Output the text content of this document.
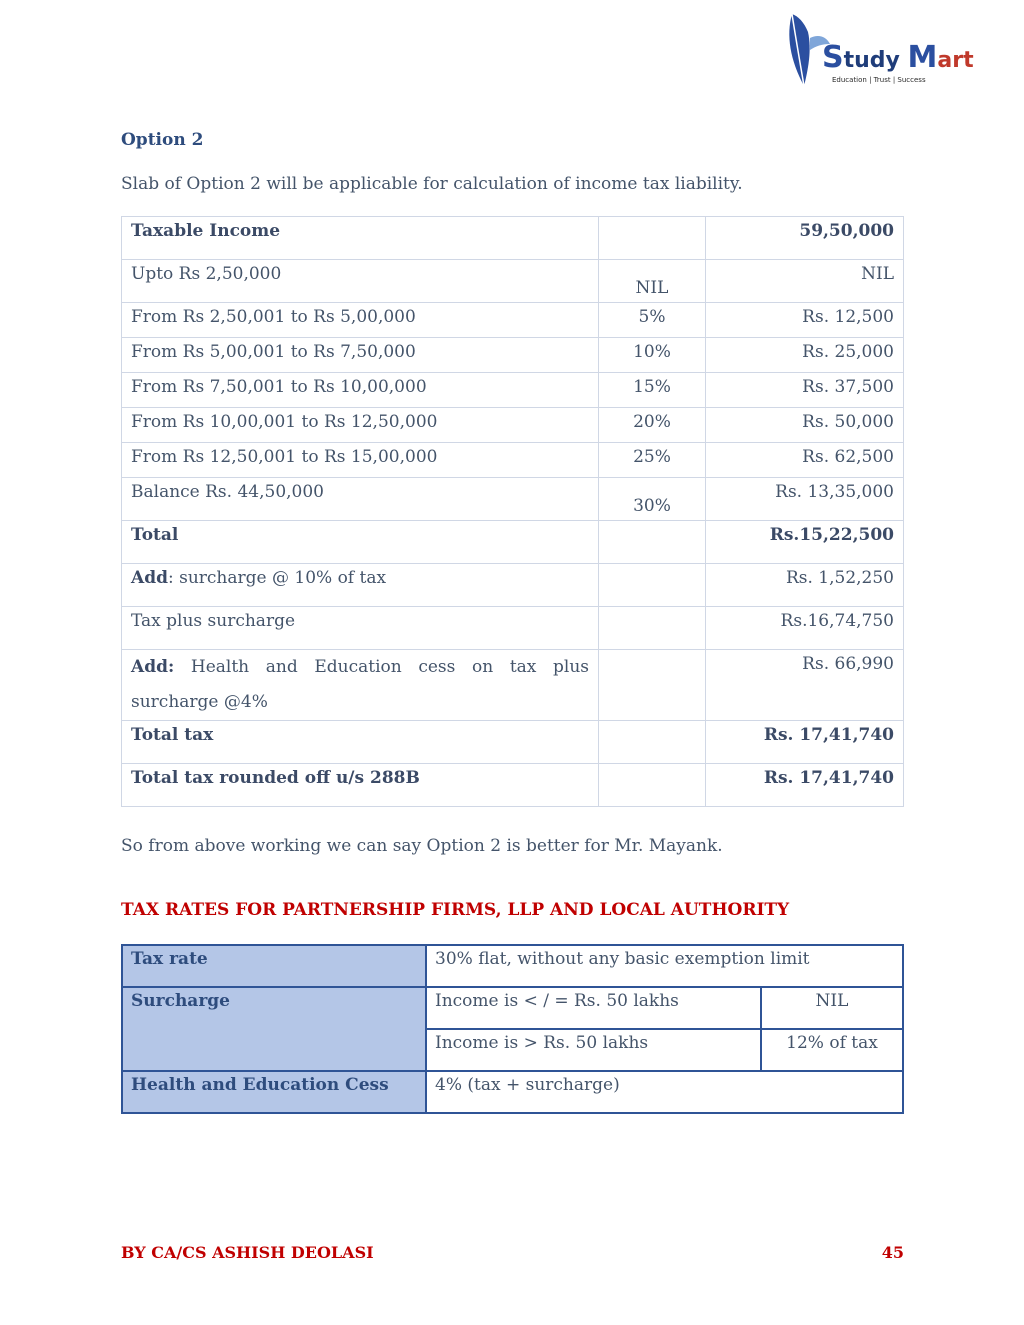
Study Mart
Education | Trust | Success
Option 2
Slab of Option 2 will be applicable for calculation of income tax liability.
Taxable Income		59,50,000
Upto Rs 2,50,000	NIL	NIL
From Rs 2,50,001 to Rs 5,00,000	5%	Rs. 12,500
From Rs 5,00,001 to Rs 7,50,000	10%	Rs. 25,000
From Rs 7,50,001 to Rs 10,00,000	15%	Rs. 37,500
From Rs 10,00,001 to Rs 12,50,000	20%	Rs. 50,000
From Rs 12,50,001 to Rs 15,00,000	25%	Rs. 62,500
Balance Rs. 44,50,000	30%	Rs. 13,35,000
Total		Rs.15,22,500
Add: surcharge @ 10% of tax		Rs. 1,52,250
Tax plus surcharge		Rs.16,74,750

Add: Health and Education cess on tax plus
surcharge @4%		Rs. 66,990
Total tax		Rs. 17,41,740
Total tax rounded off u/s 288B		Rs. 17,41,740
So from above working we can say Option 2 is better for Mr. Mayank.
TAX RATES FOR PARTNERSHIP FIRMS, LLP AND LOCAL AUTHORITY
Tax rate	30% flat, without any basic exemption limit	
Surcharge	Income is < / = Rs. 50 lakhs	NIL
	Income is > Rs. 50 lakhs	12% of tax
Health and Education Cess	4% (tax + surcharge)	
BY CA/CS ASHISH DEOLASI	45
